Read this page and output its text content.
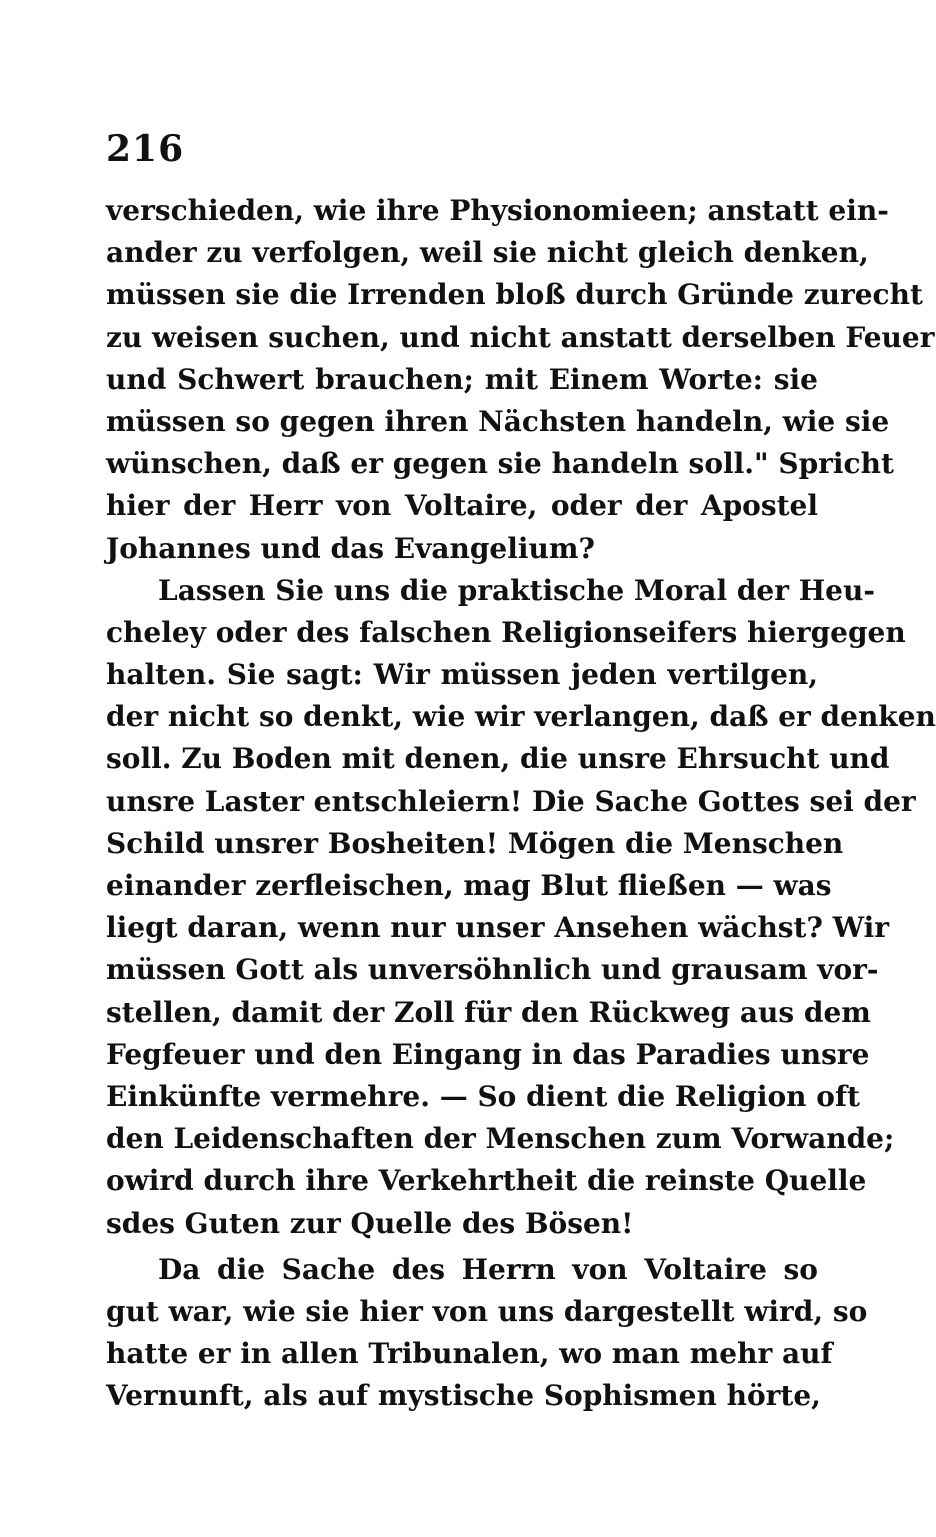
216
verschieden, wie ihre Physionomieen; anstatt ein-
ander zu verfolgen, weil sie nicht gleich denken,
müssen sie die Irrenden bloß durch Gründe zurecht
zu weisen suchen, und nicht anstatt derselben Feuer
und Schwert brauchen; mit Einem Worte: sie
müssen so gegen ihren Nächsten handeln, wie sie
wünschen, daß er gegen sie handeln soll." Spricht
hier der Herr von Voltaire, oder der Apostel
Johannes und das Evangelium?
Lassen Sie uns die praktische Moral der Heu-
cheley oder des falschen Religionseifers hiergegen
halten. Sie sagt: Wir müssen jeden vertilgen,
der nicht so denkt, wie wir verlangen, daß er denken
soll. Zu Boden mit denen, die unsre Ehrsucht und
unsre Laster entschleiern! Die Sache Gottes sei der
Schild unsrer Bosheiten! Mögen die Menschen
einander zerfleischen, mag Blut fließen — was
liegt daran, wenn nur unser Ansehen wächst? Wir
müssen Gott als unversöhnlich und grausam vor-
stellen, damit der Zoll für den Rückweg aus dem
Fegfeuer und den Eingang in das Paradies unsre
Einkünfte vermehre. — So dient die Religion oft
den Leidenschaften der Menschen zum Vorwande;
owird durch ihre Verkehrtheit die reinste Quelle
sdes Guten zur Quelle des Bösen!
Da die Sache des Herrn von Voltaire so
gut war, wie sie hier von uns dargestellt wird, so
hatte er in allen Tribunalen, wo man mehr auf
Vernunft, als auf mystische Sophismen hörte,
